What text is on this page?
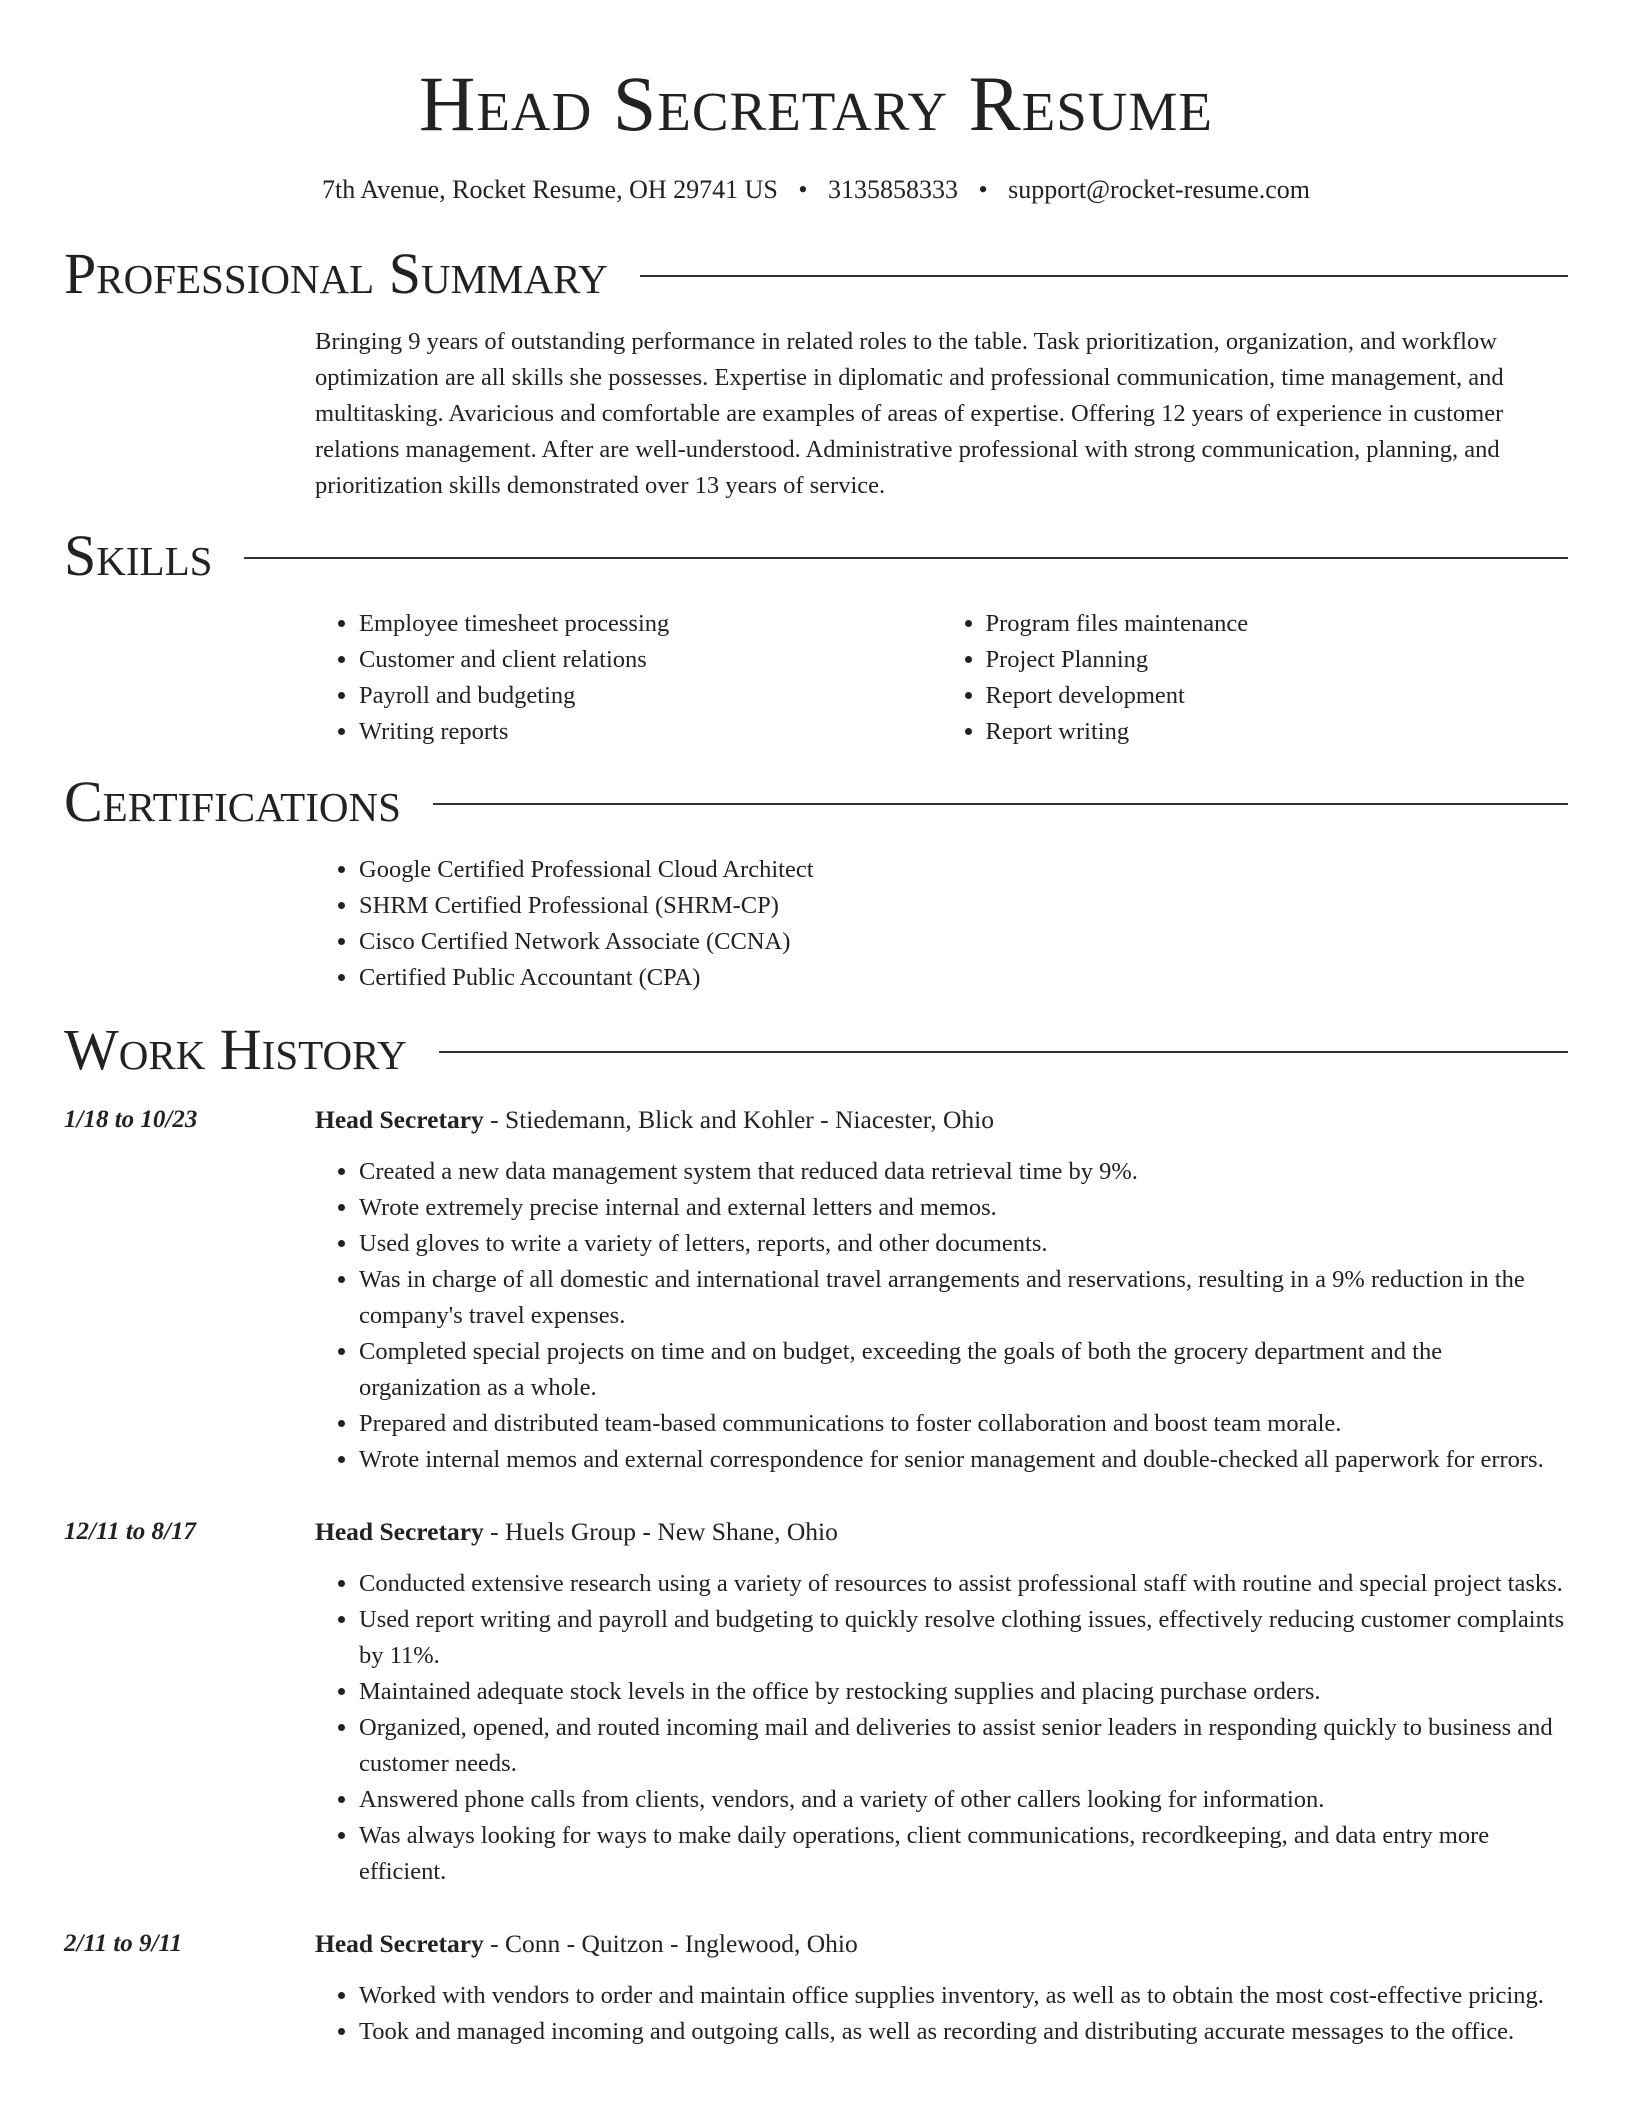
Head Secretary Resume
7th Avenue, Rocket Resume, OH 29741 US • 3135858333 • support@rocket-resume.com
Professional Summary
Bringing 9 years of outstanding performance in related roles to the table. Task prioritization, organization, and workflow optimization are all skills she possesses. Expertise in diplomatic and professional communication, time management, and multitasking. Avaricious and comfortable are examples of areas of expertise. Offering 12 years of experience in customer relations management. After are well-understood. Administrative professional with strong communication, planning, and prioritization skills demonstrated over 13 years of service.
Skills
• Employee timesheet processing
• Customer and client relations
• Payroll and budgeting
• Writing reports
• Program files maintenance
• Project Planning
• Report development
• Report writing
Certifications
• Google Certified Professional Cloud Architect
• SHRM Certified Professional (SHRM-CP)
• Cisco Certified Network Associate (CCNA)
• Certified Public Accountant (CPA)
Work History
1/18 to 10/23	Head Secretary - Stiedemann, Blick and Kohler - Niacester, Ohio
• Created a new data management system that reduced data retrieval time by 9%.
• Wrote extremely precise internal and external letters and memos.
• Used gloves to write a variety of letters, reports, and other documents.
• Was in charge of all domestic and international travel arrangements and reservations, resulting in a 9% reduction in the company's travel expenses.
• Completed special projects on time and on budget, exceeding the goals of both the grocery department and the organization as a whole.
• Prepared and distributed team-based communications to foster collaboration and boost team morale.
• Wrote internal memos and external correspondence for senior management and double-checked all paperwork for errors.
12/11 to 8/17	Head Secretary - Huels Group - New Shane, Ohio
• Conducted extensive research using a variety of resources to assist professional staff with routine and special project tasks.
• Used report writing and payroll and budgeting to quickly resolve clothing issues, effectively reducing customer complaints by 11%.
• Maintained adequate stock levels in the office by restocking supplies and placing purchase orders.
• Organized, opened, and routed incoming mail and deliveries to assist senior leaders in responding quickly to business and customer needs.
• Answered phone calls from clients, vendors, and a variety of other callers looking for information.
• Was always looking for ways to make daily operations, client communications, recordkeeping, and data entry more efficient.
2/11 to 9/11	Head Secretary - Conn - Quitzon - Inglewood, Ohio
• Worked with vendors to order and maintain office supplies inventory, as well as to obtain the most cost-effective pricing.
• Took and managed incoming and outgoing calls, as well as recording and distributing accurate messages to the office.
